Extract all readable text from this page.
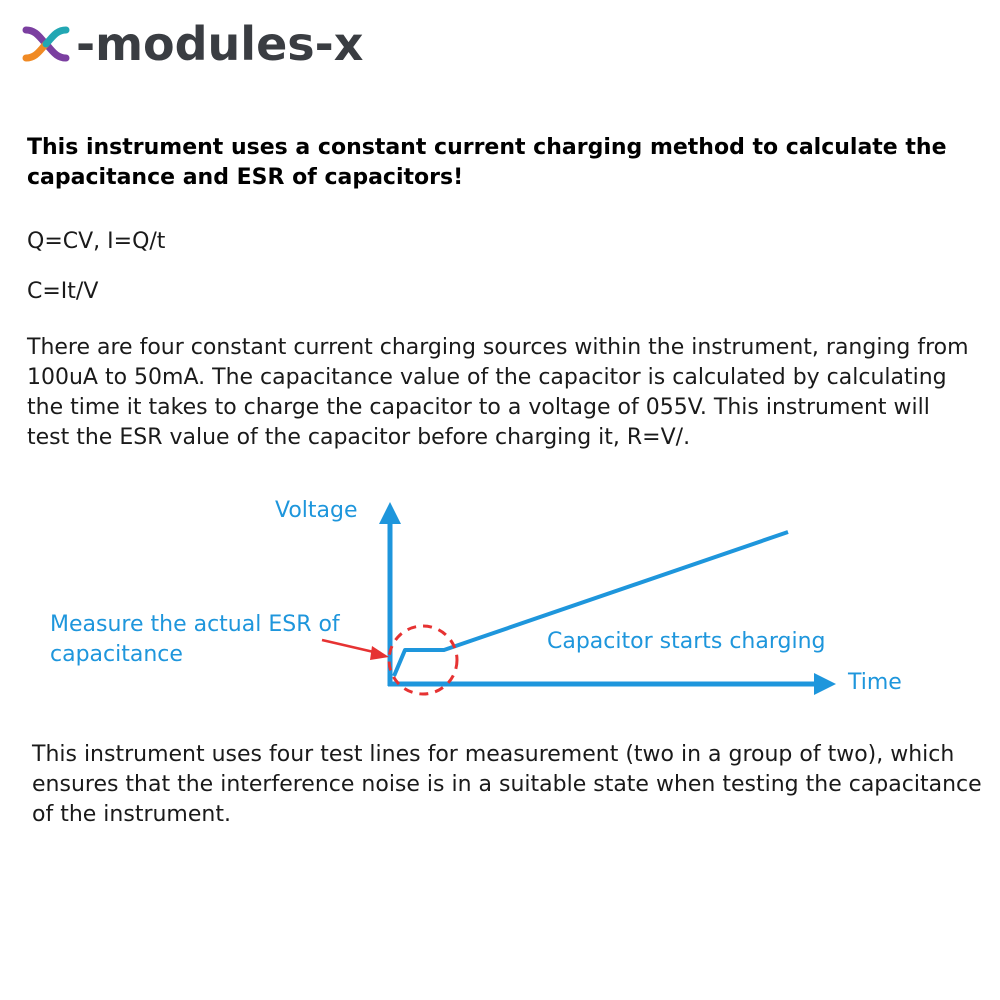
-modules-x
This instrument uses a constant current charging method to calculate the capacitance and ESR of capacitors!
Q=CV, I=Q/t
C=It/V
There are four constant current charging sources within the instrument, ranging from 100uA to 50mA. The capacitance value of the capacitor is calculated by calculating the time it takes to charge the capacitor to a voltage of 055V. This instrument will test the ESR value of the capacitor before charging it, R=V/.
Voltage
Measure the actual ESR of capacitance
Capacitor starts charging
Time
This instrument uses four test lines for measurement (two in a group of two), which ensures that the interference noise is in a suitable state when testing the capacitance of the instrument.
